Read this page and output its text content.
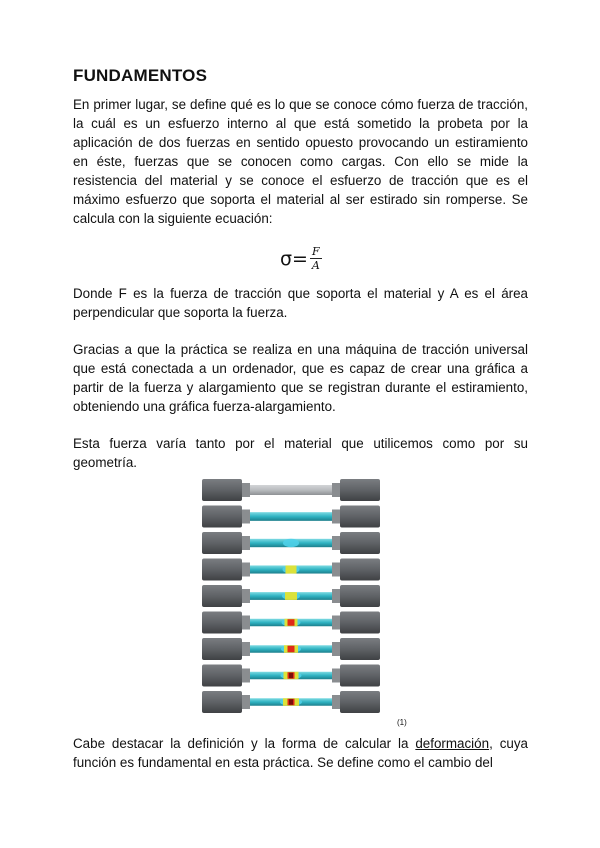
FUNDAMENTOS

En primer lugar, se define qué es lo que se conoce cómo fuerza de tracción, la cuál es un esfuerzo interno al que está sometido la probeta por la aplicación de dos fuerzas en sentido opuesto provocando un estiramiento en éste, fuerzas que se conocen como cargas. Con ello se mide la resistencia del material y se conoce el esfuerzo de tracción que es el máximo esfuerzo que soporta el material al ser estirado sin romperse. Se calcula con la siguiente ecuación:

$\sigma= \frac{F}{A}$

Donde F es la fuerza de tracción que soporta el material y A es el área perpendicular que soporta la fuerza.

Gracias a que la práctica se realiza en una máquina de tracción universal que está conectada a un ordenador, que es capaz de crear una gráfica a partir de la fuerza y alargamiento que se registran durante el estiramiento, obteniendo una gráfica fuerza-alargamiento.

Esta fuerza varía tanto por el material que utilicemos como por su geometría.

(1)

Cabe destacar la definición y la forma de calcular la deformación, cuya función es fundamental en esta práctica. Se define como el cambio del
